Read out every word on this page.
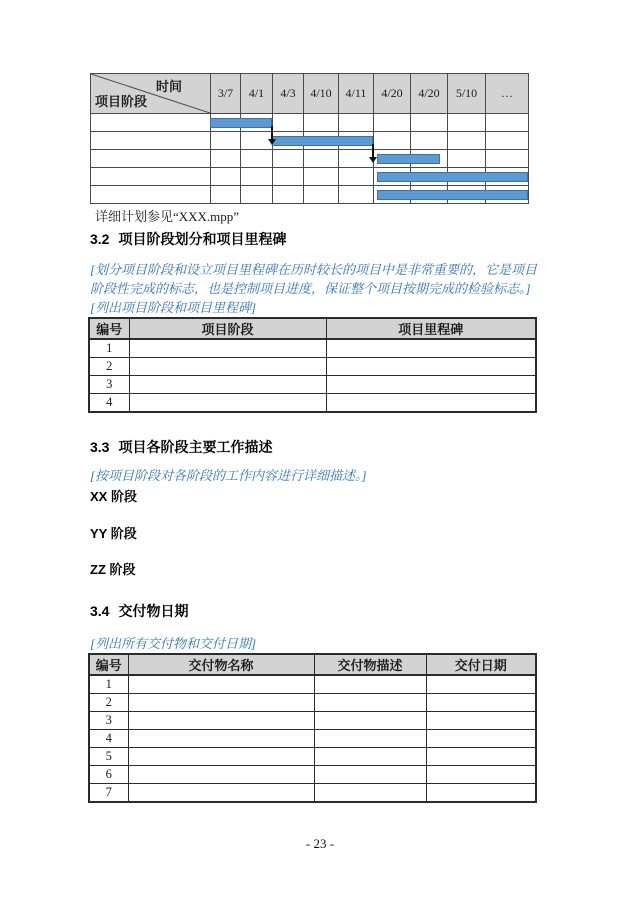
时间
项目阶段	3/7	4/1	4/3	4/10	4/11	4/20	4/20	5/10	…

详细计划参见“XXX.mpp”

3.2 项目阶段划分和项目里程碑
[划分项目阶段和设立项目里程碑在历时较长的项目中是非常重要的，它是项目阶段性完成的标志，也是控制项目进度，保证整个项目按期完成的检验标志。]
[列出项目阶段和项目里程碑]
编号	项目阶段	项目里程碑
1		
2		
3		
4		
3.3 项目各阶段主要工作描述
[按项目阶段对各阶段的工作内容进行详细描述。]
XX 阶段
YY 阶段
ZZ 阶段
3.4 交付物日期
[列出所有交付物和交付日期]
编号	交付物名称	交付物描述	交付日期
1			
2			
3			
4			
5			
6			
7			
- 23 -
